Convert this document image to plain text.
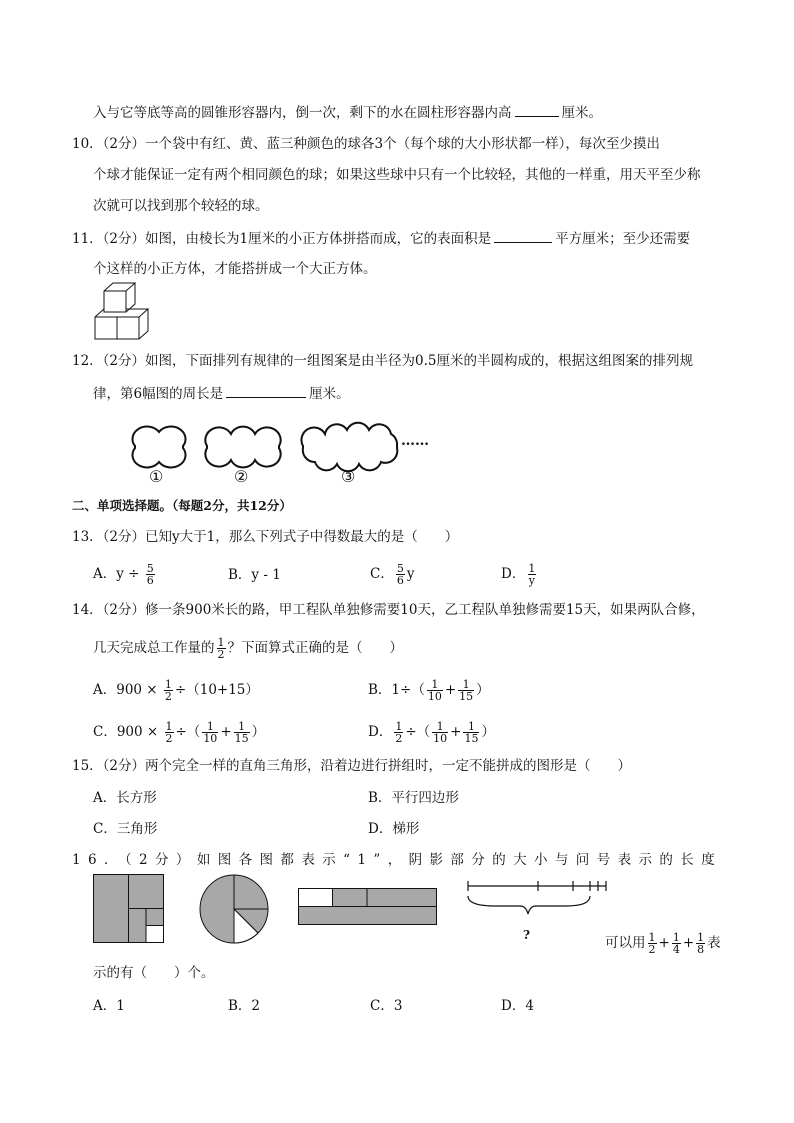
入与它等底等高的圆锥形容器内，倒一次，剩下的水在圆柱形容器内高	厘米。
10．（2分）一个袋中有红、黄、蓝三种颜色的球各3个（每个球的大小形状都一样），每次至少摸出
个球才能保证一定有两个相同颜色的球；如果这些球中只有一个比较轻，其他的一样重，用天平至少称
次就可以找到那个较轻的球。
11．（2分）如图，由棱长为1厘米的小正方体拼搭而成，它的表面积是	平方厘米；至少还需要
个这样的小正方体，才能搭拼成一个大正方体。
12．（2分）如图，下面排列有规律的一组图案是由半径为0.5厘米的半圆构成的，根据这组图案的排列规
律，第6幅图的周长是	厘米。
……
①	②	③
二、单项选择题。（每题2分，共12分）
13．（2分）已知y大于1，那么下列式子中得数最大的是（　　）
A．$y \div \frac{5}{6}$	B．y - 1	C． $\frac{5}{6}$ y	D． $\frac{1}{y}$
14．（2分）修一条900米长的路，甲工程队单独修需要10天，乙工程队单独修需要15天，如果两队合修，
几天完成总工作量的 $\frac{1}{2}$ ？下面算式正确的是（　　）
A．$900 \times \frac{1}{2} \div(10+15)$	B．$1\div( \frac{1}{10} + \frac{1}{15}$ ）
C．$900 \times \frac{1}{2}$ ÷（ $\frac{1}{10} + \frac{1}{15}$ ）	D． $\frac{1}{2}$ ÷（ $\frac{1}{10} + \frac{1}{15}$ ）
15．（2分）两个完全一样的直角三角形，沿着边进行拼组时，一定不能拼成的图形是（　　）
A．长方形	B．平行四边形
C．三角形	D．梯形
16．（2分）如图各图都表示“1”，阴影部分的大小与问号表示的长度
?	可以用 $\frac{1}{2} + \frac{1}{4} + \frac{1}{8}$ 表
示的有（　　）个。
A．1	B．2	C．3	D．4
